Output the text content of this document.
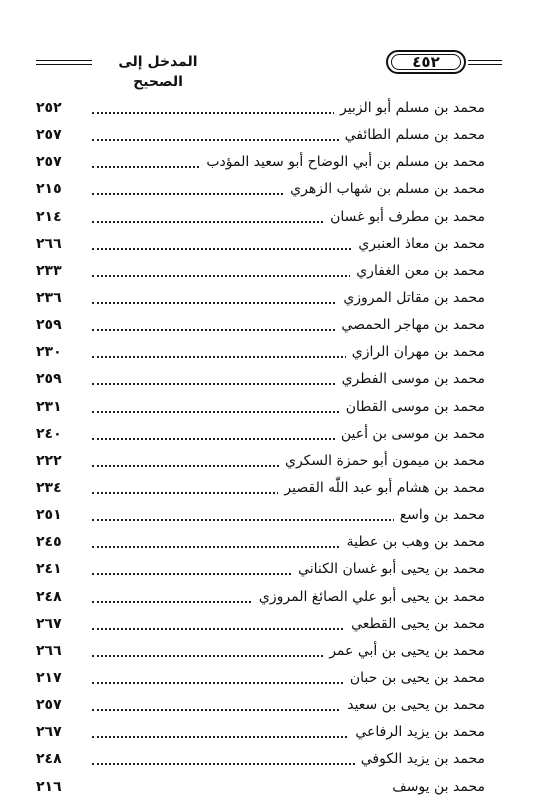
المدخل إلى الصحيح
٤٥٢
محمد بن مسلم أبو الزبير
٢٥٢
محمد بن مسلم الطائفي
٢٥٧
محمد بن مسلم بن أبي الوضاح أبو سعيد المؤدب
٢٥٧
محمد بن مسلم بن شهاب الزهري
٢١٥
محمد بن مطرف أبو غسان
٢١٤
محمد بن معاذ العنبري
٢٦٦
محمد بن معن الغفاري
٢٣٣
محمد بن مقاتل المروزي
٢٣٦
محمد بن مهاجر الحمصي
٢٥٩
محمد بن مهران الرازي
٢٣٠
محمد بن موسى الفطري
٢٥٩
محمد بن موسى القطان
٢٣١
محمد بن موسى بن أعين
٢٤٠
محمد بن ميمون أبو حمزة السكري
٢٢٢
محمد بن هشام أبو عبد اللّٰه القصير
٢٣٤
محمد بن واسع
٢٥١
محمد بن وهب بن عطية
٢٤٥
محمد بن يحيى أبو غسان الكناني
٢٤١
محمد بن يحيى أبو علي الصائغ المروزي
٢٤٨
محمد بن يحيى القطعي
٢٦٧
محمد بن يحيى بن أبي عمر
٢٦٦
محمد بن يحيى بن حبان
٢١٧
محمد بن يحيى بن سعيد
٢٥٧
محمد بن يزيد الرفاعي
٢٦٧
محمد بن يزيد الكوفي
٢٤٨
محمد بن يوسف
٢١٦
